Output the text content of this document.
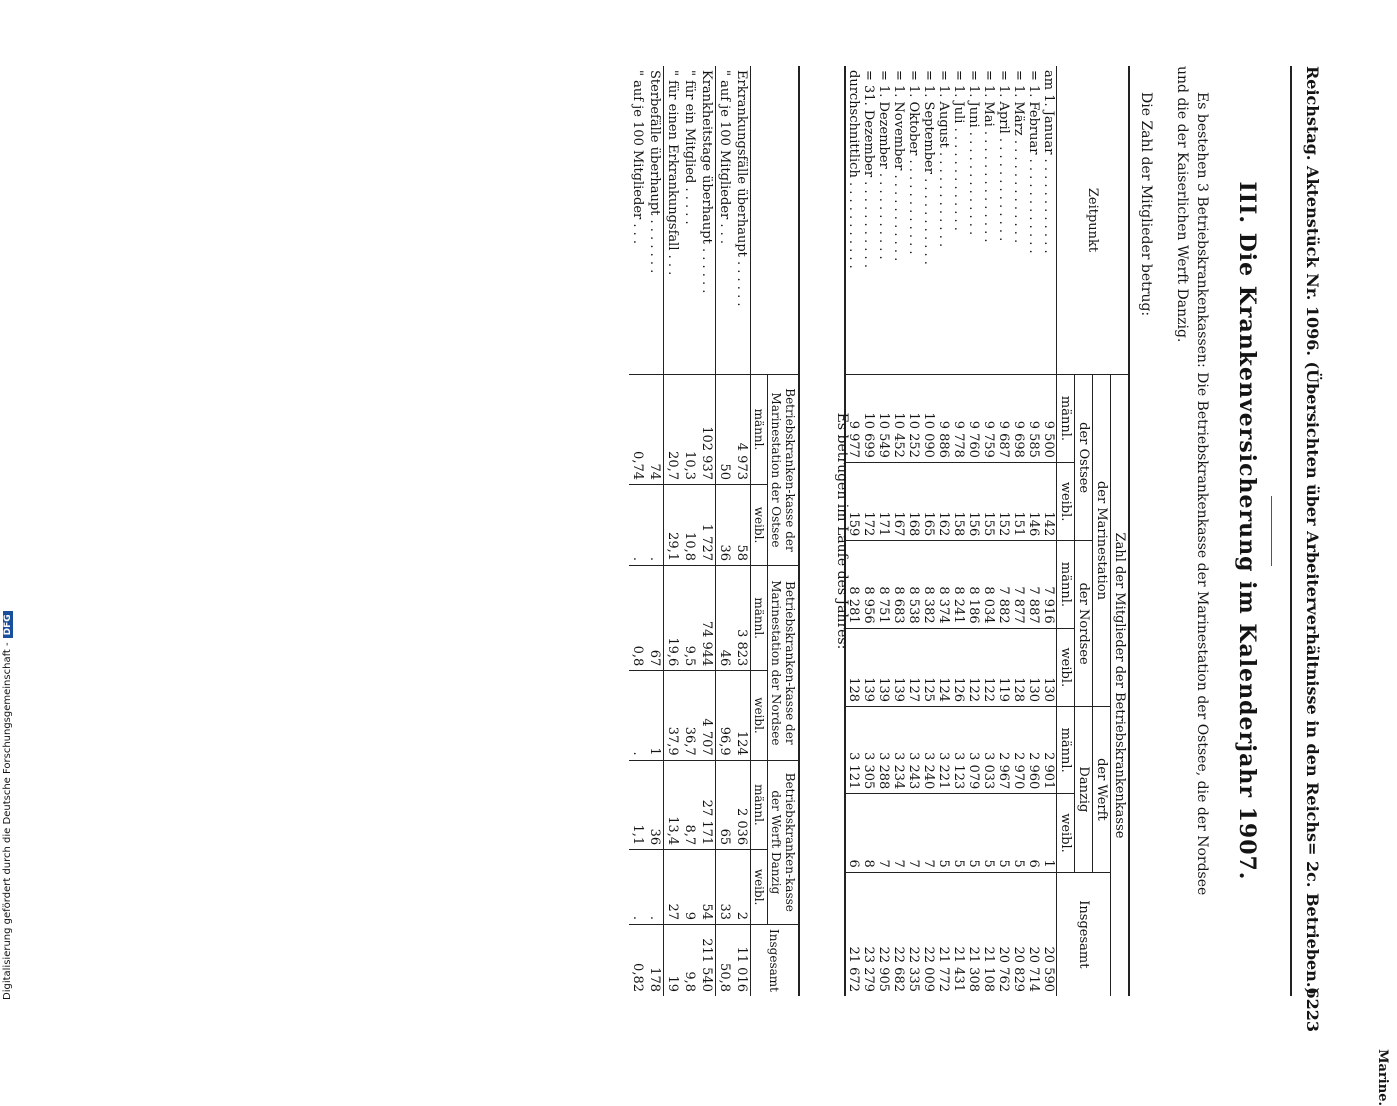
Reichstag. Aktenstück Nr. 1096. (Übersichten über Arbeiterverhältnisse in den Reichs= 2c. Betrieben.)
6223
Marine.
III. Die Krankenversicherung im Kalenderjahr 1907.
Es bestehen 3 Betriebskrankenkassen: Die Betriebskrankenkasse der Marinestation der Ostsee, die der Nordsee
und die der Kaiserlichen Werft Danzig.
Die Zahl der Mitglieder betrug:
Zeitpunkt	Zahl der Mitglieder der Betriebskrankenkasse						
	der Marinestation				der Werft		Insgesamt
	der Ostsee		der Nordsee		Danzig		
	männl.	weibl.	männl.	weibl.	männl.	weibl.	
am 1. Januar . . . . . . . . . . . .	9 500	142	7 916	130	2 901	1	20 590
= 1. Februar . . . . . . . . . . . .	9 585	146	7 887	130	2 960	6	20 714
= 1. März . . . . . . . . . . . . .	9 698	151	7 877	128	2 970	5	20 829
= 1. April . . . . . . . . . . . . .	9 687	152	7 882	119	2 967	5	20 762
= 1. Mai . . . . . . . . . . . . . .	9 759	155	8 034	122	3 033	5	21 108
= 1. Juni . . . . . . . . . . . . .	9 760	156	8 186	122	3 079	5	21 308
= 1. Juli . . . . . . . . . . . . .	9 778	158	8 241	126	3 123	5	21 431
= 1. August . . . . . . . . . . . .	9 886	162	8 374	124	3 221	5	21 772
= 1. September . . . . . . . . . . .	10 090	165	8 382	125	3 240	7	22 009
= 1. Oktober . . . . . . . . . . . .	10 252	168	8 538	127	3 243	7	22 335
= 1. November . . . . . . . . . . .	10 452	167	8 683	139	3 234	7	22 682
= 1. Dezember . . . . . . . . . . .	10 549	171	8 751	139	3 288	7	22 905
= 31. Dezember . . . . . . . . . . .	10 699	172	8 956	139	3 305	8	23 279
durchschnittlich . . . . . . . . . . .	9 977	159	8 281	128	3 121	6	21 672
Es betrugen im Laufe des Jahres:
	Betriebskranken-kasse der Marinestation der Ostsee		Betriebskranken-kasse der Marinestation der Nordsee		Betriebskranken-kasse der Werft Danzig		Insgesamt
	männl.	weibl.	männl.	weibl.	männl.	weibl.	
Erkrankungsfälle überhaupt . . . . . .	4 973	58	3 823	124	2 036	2	11 016
" auf je 100 Mitglieder . . .	50	36	46	96,9	65	33	50,8
Krankheitstage überhaupt . . . . . .	102 937	1 727	74 944	4 707	27 171	54	211 540
" für ein Mitglied . . . . .	10,3	10,8	9,5	36,7	8,7	9	9,8
" für einen Erkrankungsfall . . .	20,7	29,1	19,6	37,9	13,4	27	19
Sterbefälle überhaupt . . . . . . .	74	.	67	1	36	.	178
" auf je 100 Mitglieder . . .	0,74	.	0,8	.	1,1	.	0,82
Digitalisierung gefördert durch die Deutsche Forschungsgemeinschaft -DFG
